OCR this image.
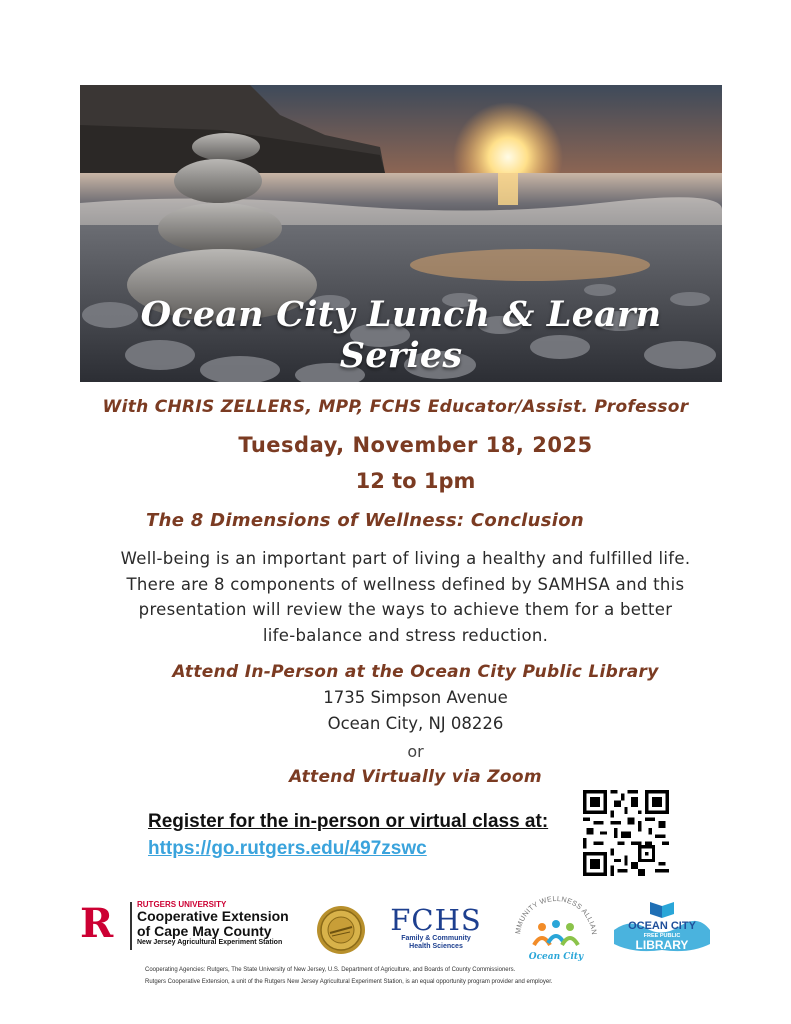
Ocean City Lunch & Learn Series
With CHRIS ZELLERS, MPP, FCHS Educator/Assist. Professor
Tuesday, November 18, 2025
12 to 1pm
The 8 Dimensions of Wellness: Conclusion
Well-being is an important part of living a healthy and fulfilled life.
There are 8 components of wellness defined by SAMHSA and this
presentation will review the ways to achieve them for a better
life-balance and stress reduction.
Attend In-Person at the Ocean City Public Library
1735 Simpson Avenue
Ocean City, NJ 08226
or
Attend Virtually via Zoom
Register for the in-person or virtual class at:
https://go.rutgers.edu/497zswc
R	RUTGERS UNIVERSITY
Cooperative Extension
of Cape May County
New Jersey Agricultural Experiment Station
FCHS
Family & Community
Health Sciences
MMUNITY WELLNESS ALLIAN
Ocean City
OCEAN CITY
FREE PUBLIC
LIBRARY
Cooperating Agencies: Rutgers, The State University of New Jersey, U.S. Department of Agriculture, and Boards of County Commissioners.
Rutgers Cooperative Extension, a unit of the Rutgers New Jersey Agricultural Experiment Station, is an equal opportunity program provider and employer.
